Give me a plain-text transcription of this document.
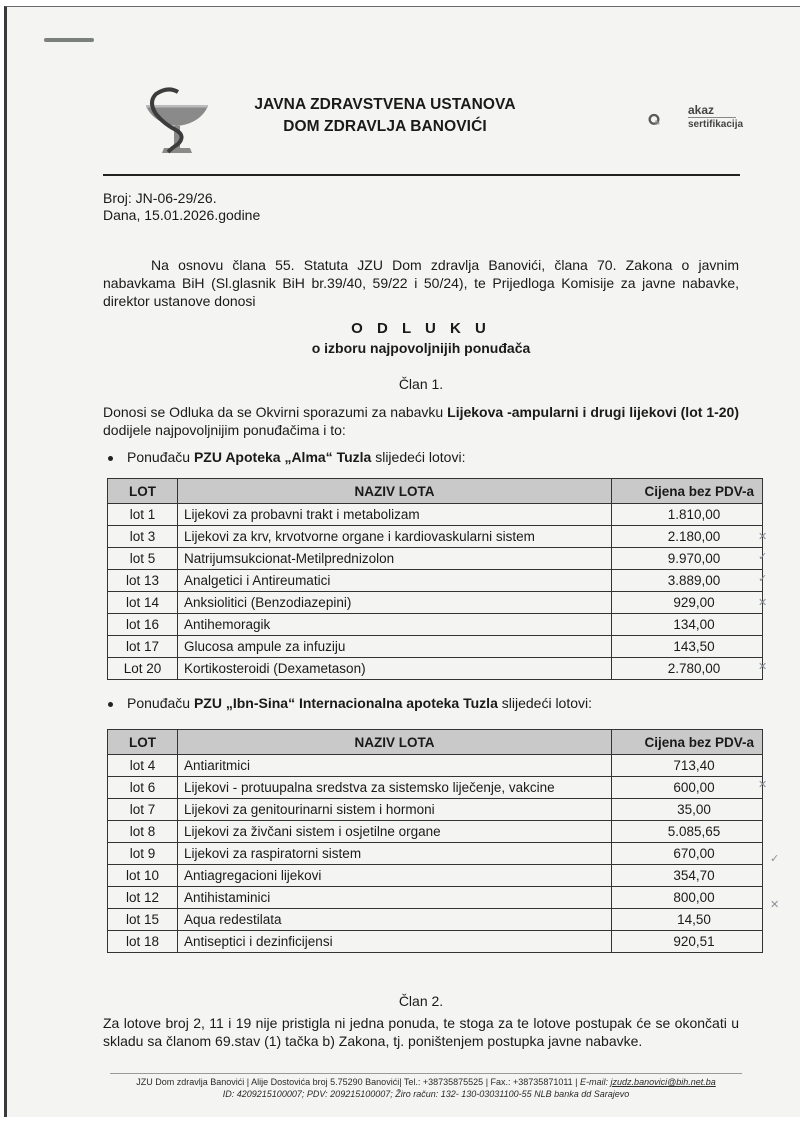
JAVNA ZDRAVSTVENA USTANOVA
DOM ZDRAVLJA BANOVIĆI
akaz
sertifikacija
Broj: JN-06-29/26.
Dana, 15.01.2026.godine
Na osnovu člana 55. Statuta JZU Dom zdravlja Banovići, člana 70. Zakona o javnim nabavkama BiH (Sl.glasnik BiH br.39/40, 59/22 i 50/24), te Prijedloga Komisije za javne nabavke, direktor ustanove donosi
O D L U K U
o izboru najpovoljnijih ponuđača
Član 1.
Donosi se Odluka da se Okvirni sporazumi za nabavku Lijekova -ampularni i drugi lijekovi (lot 1-20) dodijele najpovoljnijim ponuđačima i to:
Ponuđaču PZU Apoteka „Alma“ Tuzla slijedeći lotovi:
LOT	NAZIV LOTA	Cijena bez PDV-a
lot 1	Lijekovi za probavni trakt i metabolizam	1.810,00
lot 3	Lijekovi za krv, krvotvorne organe i kardiovaskularni sistem	2.180,00
lot 5	Natrijumsukcionat-Metilprednizolon	9.970,00
lot 13	Analgetici i Antireumatici	3.889,00
lot 14	Anksiolitici (Benzodiazepini)	929,00
lot 16	Antihemoragik	134,00
lot 17	Glucosa ampule za infuziju	143,50
Lot 20	Kortikosteroidi (Dexametason)	2.780,00
✕
✓
✓
✕
✕
Ponuđaču PZU „Ibn-Sina“ Internacionalna apoteka Tuzla slijedeći lotovi:
LOT	NAZIV LOTA	Cijena bez PDV-a
lot 4	Antiaritmici	713,40
lot 6	Lijekovi - protuupalna sredstva za sistemsko liječenje, vakcine	600,00
lot 7	Lijekovi za genitourinarni sistem i hormoni	35,00
lot 8	Lijekovi za živčani sistem i osjetilne organe	5.085,65
lot 9	Lijekovi za raspiratorni sistem	670,00
lot 10	Antiagregacioni lijekovi	354,70
lot 12	Antihistaminici	800,00
lot 15	Aqua redestilata	14,50
lot 18	Antiseptici i dezinficijensi	920,51
✕
✓
✕
Član 2.
Za lotove broj 2, 11 i 19 nije pristigla ni jedna ponuda, te stoga za te lotove postupak će se okončati u skladu sa članom 69.stav (1) tačka b) Zakona, tj. poništenjem postupka javne nabavke.
JZU Dom zdravlja Banovići | Alije Dostovića broj 5.75290 Banovići| Tel.: +38735875525 | Fax.: +38735871011 | E-mail: jzudz.banovici@bih.net.ba
ID: 4209215100007; PDV: 209215100007; Žiro račun: 132- 130-03031100-55 NLB banka dd Sarajevo
